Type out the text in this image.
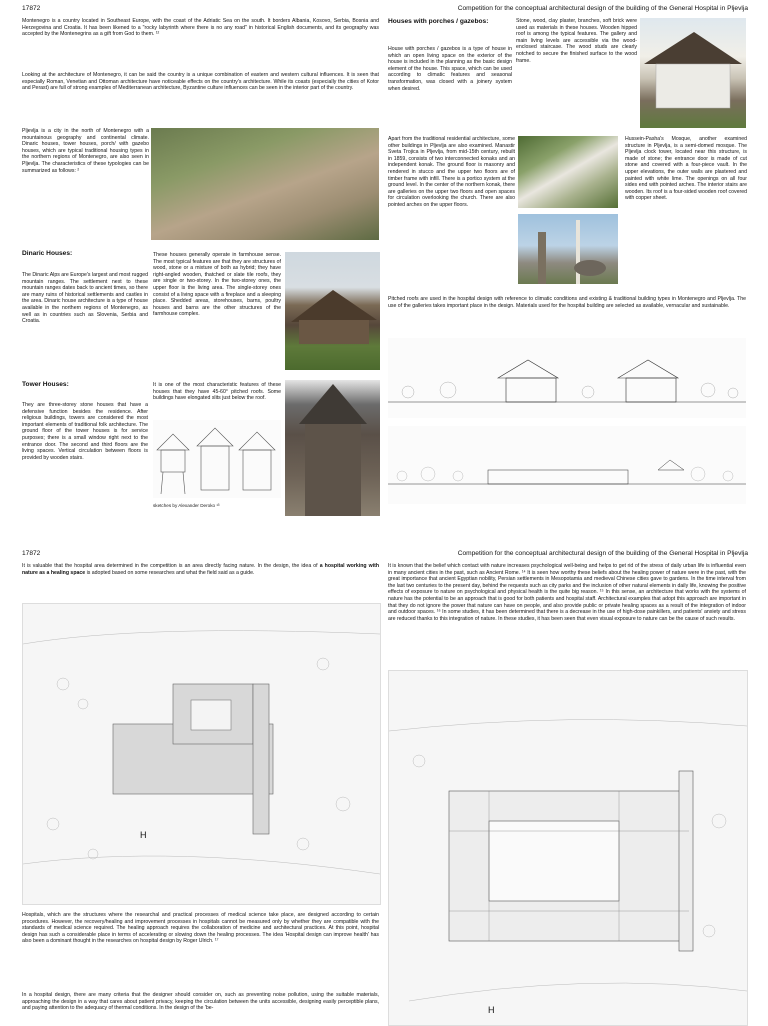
17872	Competition for the conceptual architectural design of the building of the General Hospital in Pljevlja

Montenegro is a country located in Southeast Europe, with the coast of the Adriatic Sea on the south. It borders Albania, Kosovo, Serbia, Bosnia and Herzegovina and Croatia. It has been likened to a "rocky labyrinth where there is no any road" in historical English documents, and its geography was accepted by the Montenegrins as a gift from God to them. ¹²

Looking at the architecture of Montenegro, it can be said the country is a unique combination of eastern and western cultural influences. It is seen that especially Roman, Venetian and Ottoman architecture have noticeable effects on the country's architecture. While its coasts (especially the cities of Kotor and Perast) are full of strong examples of Mediterranean architecture, Byzantine culture influences can be seen in the interior part of the country.

Pljevlja is a city in the north of Montenegro with a mountainous geography and continental climate. Dinaric houses, tower houses, porch/ with gazebo houses, which are typical traditional housing types in the northern regions of Montenegro, are also seen in Pljevlja. The characteristics of these typologies can be summarized as follows: ²

Dinaric Houses:

The Dinaric Alps are Europe's largest and most rugged mountain ranges. The settlement next to these mountain ranges dates back to ancient times, so there are many ruins of historical settlements and castles in the area. Dinaric house architecture is a type of house available in the northern regions of Montenegro, as well as in countries such as Slovenia, Serbia and Croatia.

These houses generally operate in farmhouse sense. The most typical features are that they are structures of wood, stone or a mixture of both as hybrid; they have right-angled wooden, thatched or slate tile roofs, they are single or two-storey. In the two-storey ones, the upper floor is the living area. The single-storey ones consist of a living space with a fireplace and a sleeping place. Shedded areas, storehouses, barns, poultry houses and barns are the other structures of the farmhouse complex.

Tower Houses:

They are three-storey stone houses that have a defensive function besides the residence. After religious buildings, towers are considered the most important elements of traditional folk architecture. The ground floor of the tower houses is for service purposes; there is a small window right next to the entrance door. The second and third floors are the living spaces. Vertical circulation between floors is provided by wooden stairs.

It is one of the most characteristic features of these houses that they have 45-60° pitched roofs. Some buildings have elongated slits just below the roof.

sketches by Alexander Deroko ¹³

Houses with porches / gazebos:

House with porches / gazebos is a type of house in which an open living space on the exterior of the house is included in the planning as the basic design element of the house. This space, which can be used according to climatic features and seasonal transformation, was closed with a joinery system when desired.

Stone, wood, clay plaster, branches, soft brick were used as materials in these houses. Wooden hipped roof is among the typical features. The gallery and main living levels are accessible via the wood-enclosed staircase. The wood studs are clearly notched to secure the finished surface to the wood frame.

Apart from the traditional residential architecture, some other buildings in Pljevlja are also examined. Manastir Sveta Trojica in Pljevlja, from mid-15th century, rebuilt in 1859, consists of two interconnected konaks and an independent konak. The ground floor is masonry and rendered in stucco and the upper two floors are of timber frame with infill. There is a portico system at the ground level. In the center of the northern konak, there are galleries on the upper two floors and open spaces for circulation overlooking the church. There are also pointed arches on the upper floors.

Hussein-Pasha's Mosque, another examined structure in Pljevlja, is a semi-domed mosque. The Pljevlja clock tower, located near this structure, is made of stone; the entrance door is made of cut stone and covered with a four-piece vault. In the upper elevations, the outer walls are plastered and painted with white lime. The openings on all four sides end with pointed arches. The interior stairs are wooden. Its roof is a four-sided wooden roof covered with copper sheet.

Pitched roofs are used in the hospital design with reference to climatic conditions and existing & traditional building types in Montenegro and Pljevlja. The use of the galleries takes important place in the design. Materials used for the hospital building are selected as available, vernacular and sustainable.

17872	Competition for the conceptual architectural design of the building of the General Hospital in Pljevlja

It is valuable that the hospital area determined in the competition is an area directly facing nature. In the design, the idea of a hospital working with nature as a healing space is adopted based on some researches and what the field said as a guide.

H

Hospitals, which are the structures where the researchal and practical processes of medical science take place, are designed according to certain procedures. However, the recovery/healing and improvement processes in hospitals cannot be measured only by whether they are compatible with the standards of medical science required. The healing approach requires the collaboration of medicine and architectural practices. At this point, hospital design has such a considerable place in terms of accelerating or slowing down the healing processes. The idea 'Hospital design can improve health' has also been a dominant thought in the researches on hospital design by Roger Ulrich. ¹⁷

In a hospital design, there are many criteria that the designer should consider on, such as preventing noise pollution, using the suitable materials, approaching the design in a way that cares about patient privacy, keeping the circulation between the units accessible, designing easily perceptible plans, and paying attention to the adequacy of thermal conditions. In the design of the 'be-

It is known that the belief which contact with nature increases psychological well-being and helps to get rid of the stress of daily urban life is influential even in many ancient cities in the past, such as Ancient Rome. ¹⁴ It is seen how worthy these beliefs about the healing power of nature were in the past, with the great importance that ancient Egyptian nobility, Persian settlements in Mesopotamia and medieval Chinese cities gave to gardens. In the time interval from the last two centuries to the present day, behind the requests such as city parks and the inclusion of other natural elements in daily life, knowing the positive effects of exposure to nature on psychological and physical health is the quite big reason. ¹⁵ In this sense, an architecture that works with the systems of nature has the potential to be an approach that is good for both patients and hospital staff. Architectural examples that adopt this approach are important in that they do not ignore the power that nature can have on people, and also provide public or private healing spaces as a result of the integration of indoor and outdoor spaces. ¹⁶ In some studies, it has been determined that there is a decrease in the use of high-dose painkillers, and patients' anxiety and stress are reduced thanks to this integration of nature. In these studies, it has been seen that even visual exposure to nature can be the cause of such results.

H
